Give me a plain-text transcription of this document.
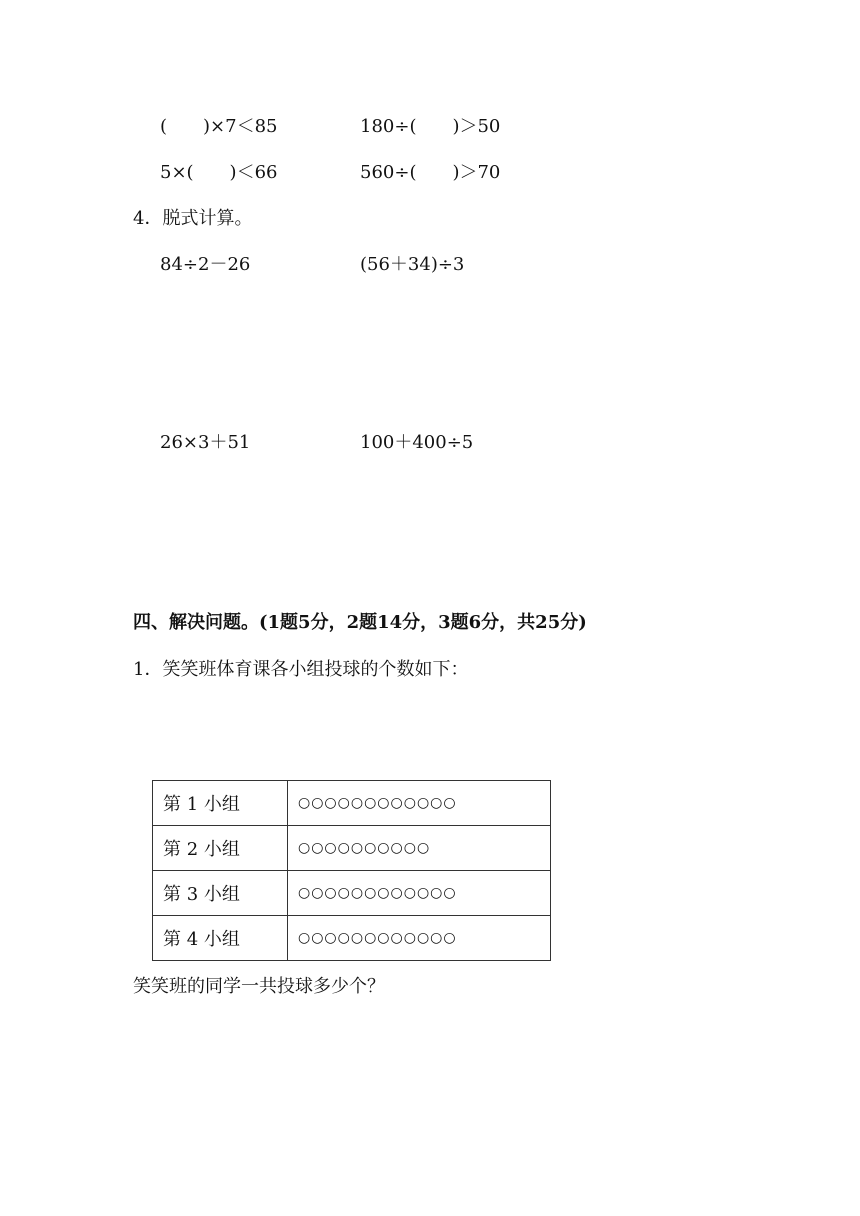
(　　)×7＜85	180÷(　　)＞50
5×(　　)＜66	560÷(　　)＞70
4．脱式计算。
84÷2－26	(56＋34)÷3
26×3＋51	100＋400÷5
四、解决问题。(1题5分，2题14分，3题6分，共25分)
1．笑笑班体育课各小组投球的个数如下：
第 1 小组	○○○○○○○○○○○○
第 2 小组	○○○○○○○○○○
第 3 小组	○○○○○○○○○○○○
第 4 小组	○○○○○○○○○○○○
笑笑班的同学一共投球多少个？
